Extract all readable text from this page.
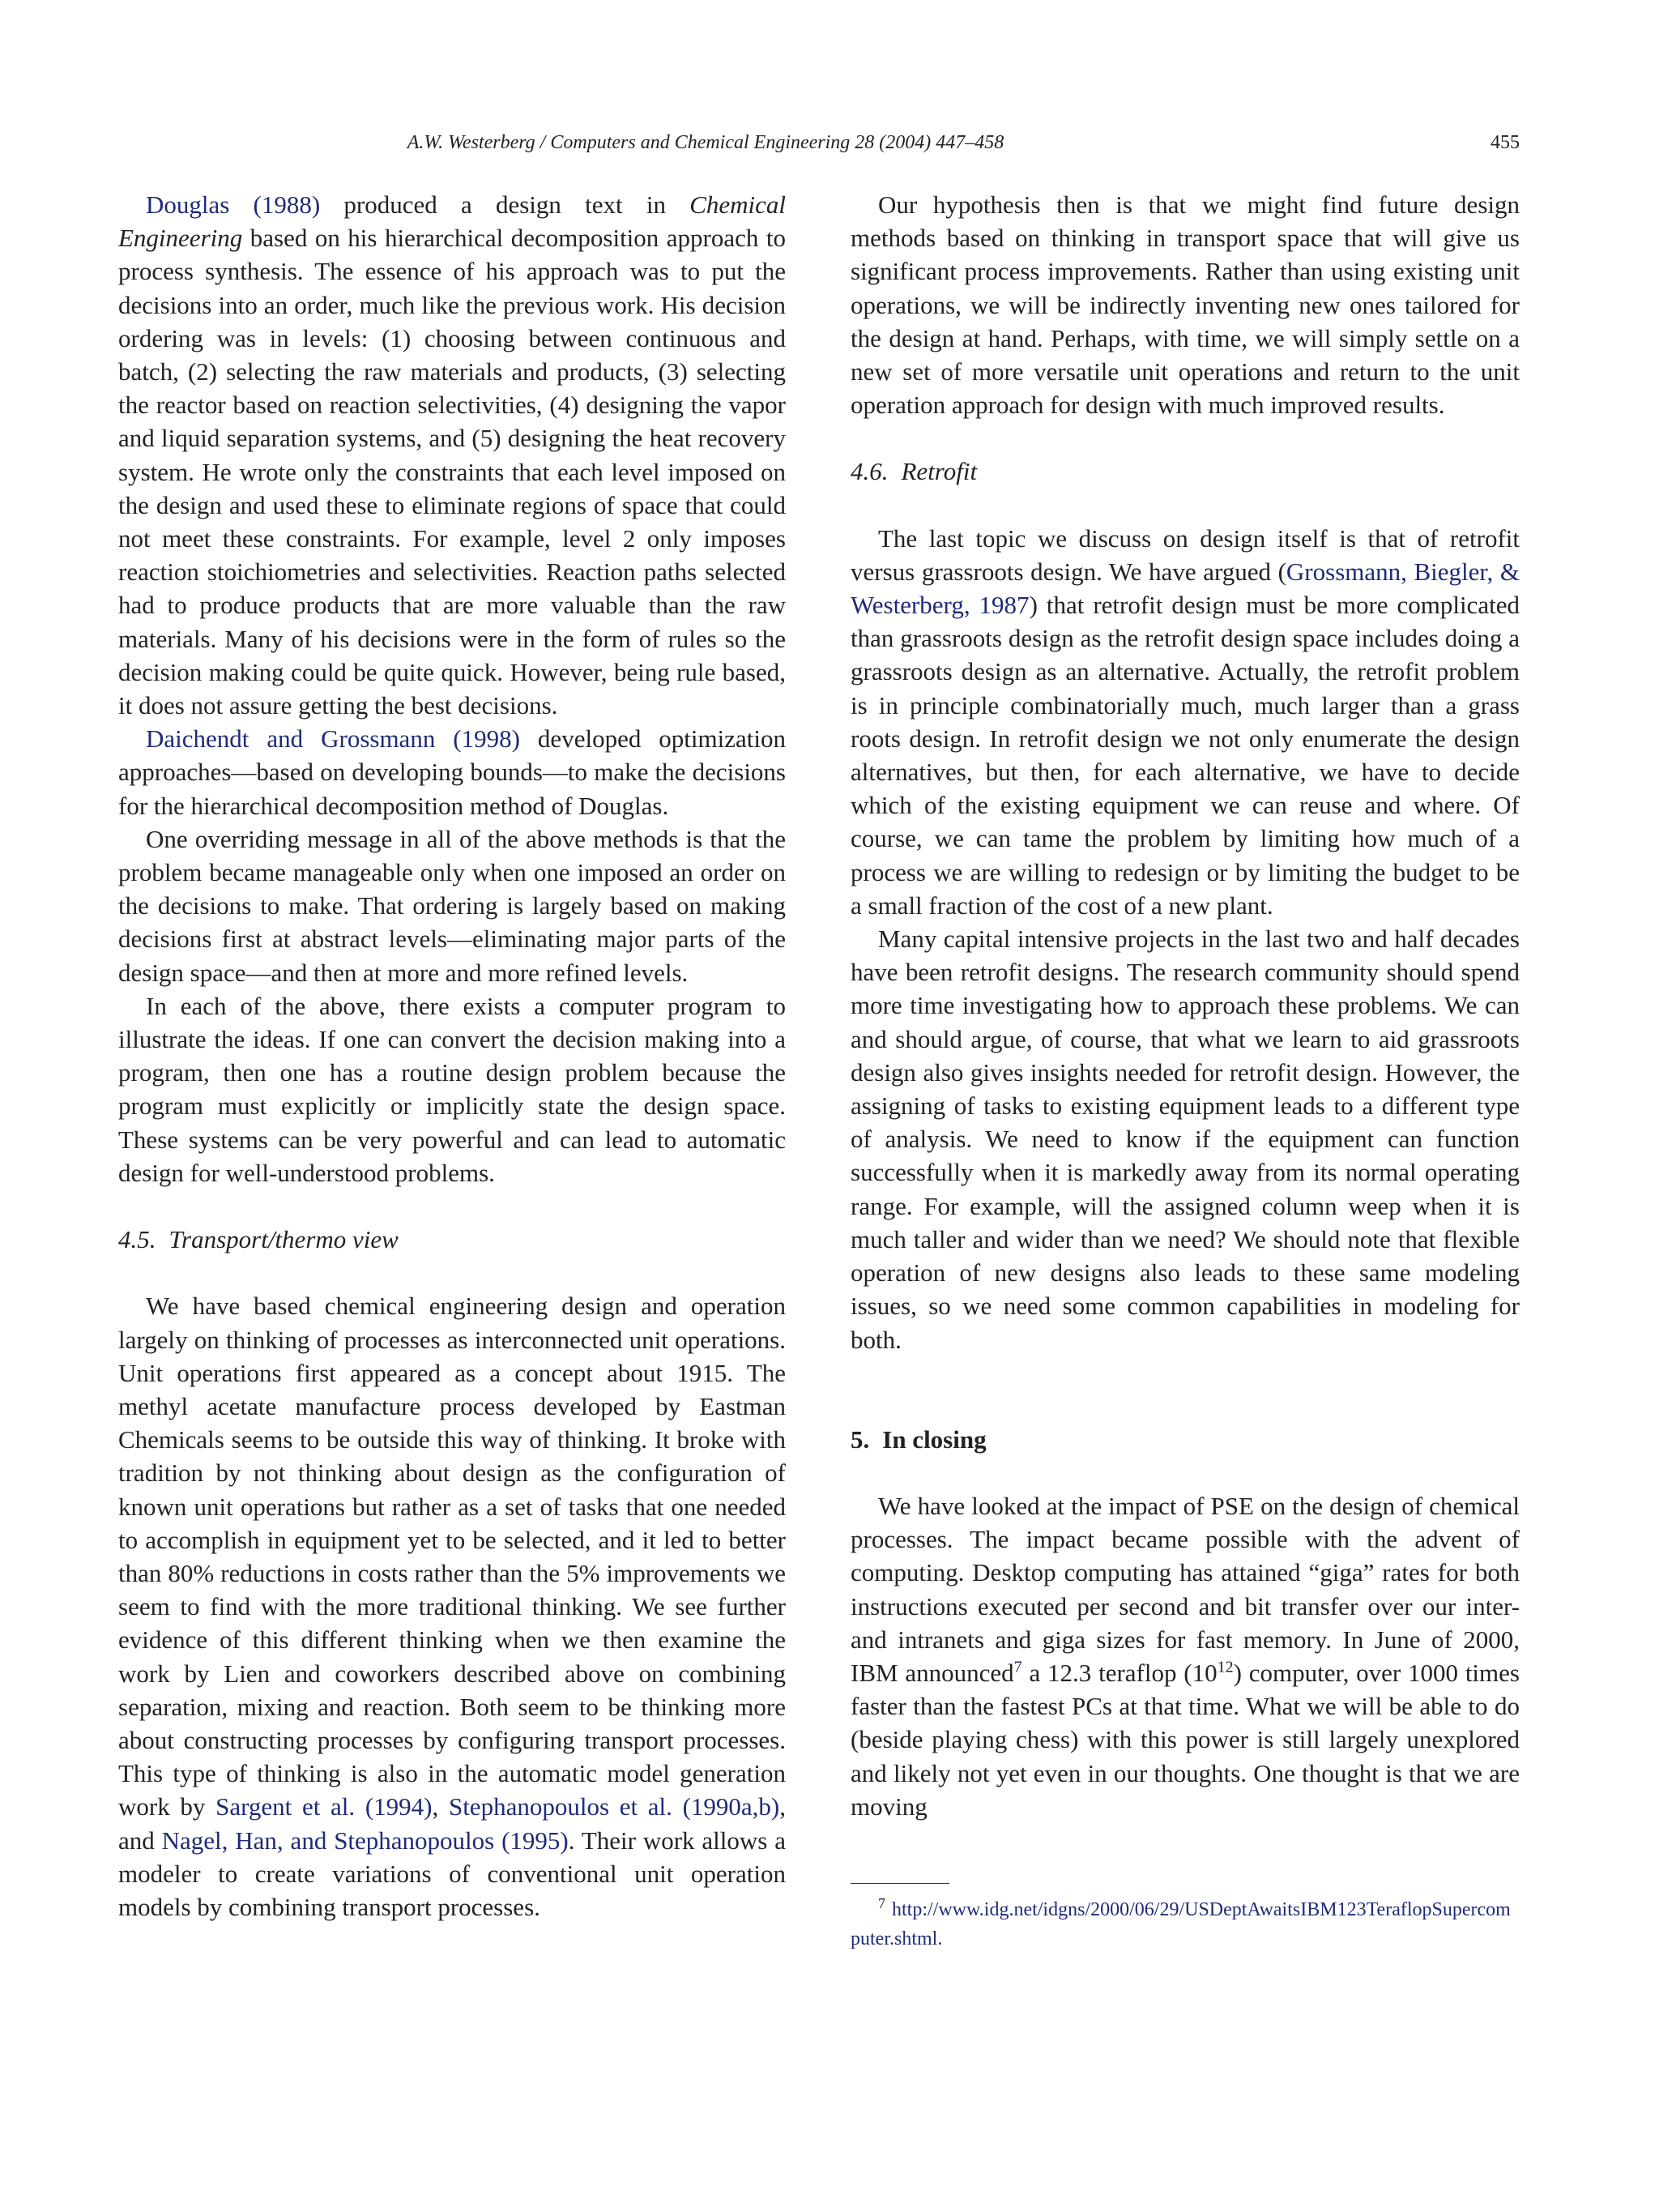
A.W. Westerberg / Computers and Chemical Engineering 28 (2004) 447–458	455

Douglas (1988) produced a design text in Chemical Engineering based on his hierarchical decomposition approach to process synthesis. The essence of his approach was to put the decisions into an order, much like the previous work. His decision ordering was in levels: (1) choosing between continuous and batch, (2) selecting the raw materials and products, (3) selecting the reactor based on reaction selectivities, (4) designing the vapor and liquid separation systems, and (5) designing the heat recovery system. He wrote only the constraints that each level imposed on the design and used these to eliminate regions of space that could not meet these constraints. For example, level 2 only imposes reaction stoichiometries and selectivities. Reaction paths selected had to produce products that are more valuable than the raw materials. Many of his decisions were in the form of rules so the decision making could be quite quick. However, being rule based, it does not assure getting the best decisions.

Daichendt and Grossmann (1998) developed optimization approaches—based on developing bounds—to make the decisions for the hierarchical decomposition method of Douglas.

One overriding message in all of the above methods is that the problem became manageable only when one imposed an order on the decisions to make. That ordering is largely based on making decisions first at abstract levels—eliminating major parts of the design space—and then at more and more refined levels.

In each of the above, there exists a computer program to illustrate the ideas. If one can convert the decision making into a program, then one has a routine design problem because the program must explicitly or implicitly state the design space. These systems can be very powerful and can lead to automatic design for well-understood problems.

4.5. Transport/thermo view

We have based chemical engineering design and operation largely on thinking of processes as interconnected unit operations. Unit operations first appeared as a concept about 1915. The methyl acetate manufacture process developed by Eastman Chemicals seems to be outside this way of thinking. It broke with tradition by not thinking about design as the configuration of known unit operations but rather as a set of tasks that one needed to accomplish in equipment yet to be selected, and it led to better than 80% reductions in costs rather than the 5% improvements we seem to find with the more traditional thinking. We see further evidence of this different thinking when we then examine the work by Lien and coworkers described above on combining separation, mixing and reaction. Both seem to be thinking more about constructing processes by configuring transport processes. This type of thinking is also in the automatic model generation work by Sargent et al. (1994), Stephanopoulos et al. (1990a,b), and Nagel, Han, and Stephanopoulos (1995). Their work allows a modeler to create variations of conventional unit operation models by combining transport processes.

Our hypothesis then is that we might find future design methods based on thinking in transport space that will give us significant process improvements. Rather than using existing unit operations, we will be indirectly inventing new ones tailored for the design at hand. Perhaps, with time, we will simply settle on a new set of more versatile unit operations and return to the unit operation approach for design with much improved results.

4.6. Retrofit

The last topic we discuss on design itself is that of retrofit versus grassroots design. We have argued (Grossmann, Biegler, & Westerberg, 1987) that retrofit design must be more complicated than grassroots design as the retrofit design space includes doing a grassroots design as an alternative. Actually, the retrofit problem is in principle combinatorially much, much larger than a grass roots design. In retrofit design we not only enumerate the design alternatives, but then, for each alternative, we have to decide which of the existing equipment we can reuse and where. Of course, we can tame the problem by limiting how much of a process we are willing to redesign or by limiting the budget to be a small fraction of the cost of a new plant.

Many capital intensive projects in the last two and half decades have been retrofit designs. The research community should spend more time investigating how to approach these problems. We can and should argue, of course, that what we learn to aid grassroots design also gives insights needed for retrofit design. However, the assigning of tasks to existing equipment leads to a different type of analysis. We need to know if the equipment can function successfully when it is markedly away from its normal operating range. For example, will the assigned column weep when it is much taller and wider than we need? We should note that flexible operation of new designs also leads to these same modeling issues, so we need some common capabilities in modeling for both.

5. In closing

We have looked at the impact of PSE on the design of chemical processes. The impact became possible with the advent of computing. Desktop computing has attained “giga” rates for both instructions executed per second and bit transfer over our inter- and intranets and giga sizes for fast memory. In June of 2000, IBM announced$^7$ a 12.3 teraflop $(10^{12})$ computer, over 1000 times faster than the fastest PCs at that time. What we will be able to do (beside playing chess) with this power is still largely unexplored and likely not yet even in our thoughts. One thought is that we are moving

$^7$ http://www.idg.net/idgns/2000/06/29/USDeptAwaitsIBM123TeraflopSupercomputer.shtml.
